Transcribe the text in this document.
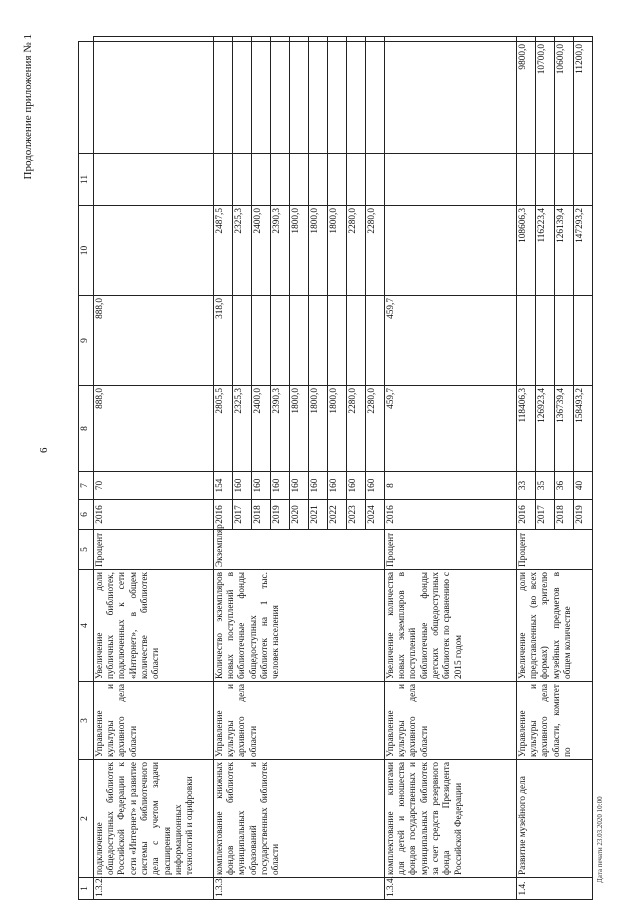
Продолжение приложения № 1
6
1	2	3	4	5	6	7	8	9	10	11		
1.3.2.	подключение общедоступных библиотек Российской Федерации к сети «Интернет» и развитие системы библиотечного дела с учетом задачи расширения информационных технологий и оцифровки	Управление культуры и архивного дела области	Увеличение доли публичных библиотек, подключенных к сети «Интернет», в общем количестве библиотек области	Процент	2016	70	888,0	888,0				
1.3.3.	комплектование книжных фондов библиотек муниципальных образований и государственных библиотек области	Управление культуры и архивного дела области	Количество экземпляров новых поступлений в библиотечные фонды общедоступных библиотек на 1 тыс. человек населения	Экземпляр	2016	154	2805,5	318,0	2487,5			
					2017	160	2325,3		2325,3			
					2018	160	2400,0		2400,0			
					2019	160	2390,3		2390,3			
					2020	160	1800,0		1800,0			
					2021	160	1800,0		1800,0			
					2022	160	1800,0		1800,0			
					2023	160	2280,0		2280,0			
					2024	160	2280,0		2280,0			
1.3.4.	комплектование книгами для детей и юношества фондов государственных и муниципальных библиотек за счет средств резервного фонда Президента Российской Федерации	Управление культуры и архивного дела области	Увеличение количества новых экземпляров в поступлений библиотечные фонды детских общедоступных библиотек по сравнению с 2015 годом	Процент	2016	8	459,7	459,7				
1.4.	Развитие музейного дела	Управление культуры и архивного дела области, комитет по	Увеличение доли представленных (во всех формах) зрителю музейных предметов в общем количестве	Процент	2016	33	118406,3		108606,3		9800,0	
					2017	35	126923,4		116223,4		10700,0	
					2018	36	136739,4		126139,4		10600,0	
					2019	40	158493,2		147293,2		11200,0	
Дата печати 23.03.2020 10:00
